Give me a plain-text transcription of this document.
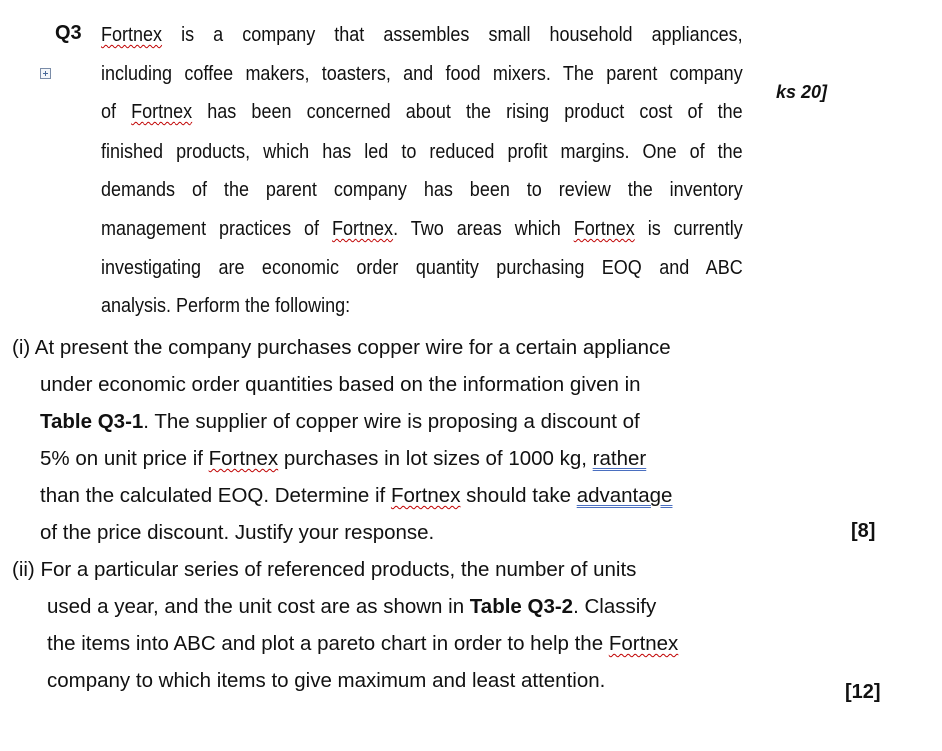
Q3 Fortnex is a company that assembles small household appliances,
including coffee makers, toasters, and food mixers. The parent company
of Fortnex has been concerned about the rising product cost of the
finished products, which has led to reduced profit margins. One of the
demands of the parent company has been to review the inventory
management practices of Fortnex. Two areas which Fortnex is currently
investigating are economic order quantity purchasing EOQ and ABC
analysis. Perform the following:
ks 20]
(i) At present the company purchases copper wire for a certain appliance
under economic order quantities based on the information given in
Table Q3-1. The supplier of copper wire is proposing a discount of
5% on unit price if Fortnex purchases in lot sizes of 1000 kg, rather
than the calculated EOQ. Determine if Fortnex should take advantage
of the price discount. Justify your response.	[8]
(ii) For a particular series of referenced products, the number of units
used a year, and the unit cost are as shown in Table Q3-2. Classify
the items into ABC and plot a pareto chart in order to help the Fortnex
company to which items to give maximum and least attention.	[12]
